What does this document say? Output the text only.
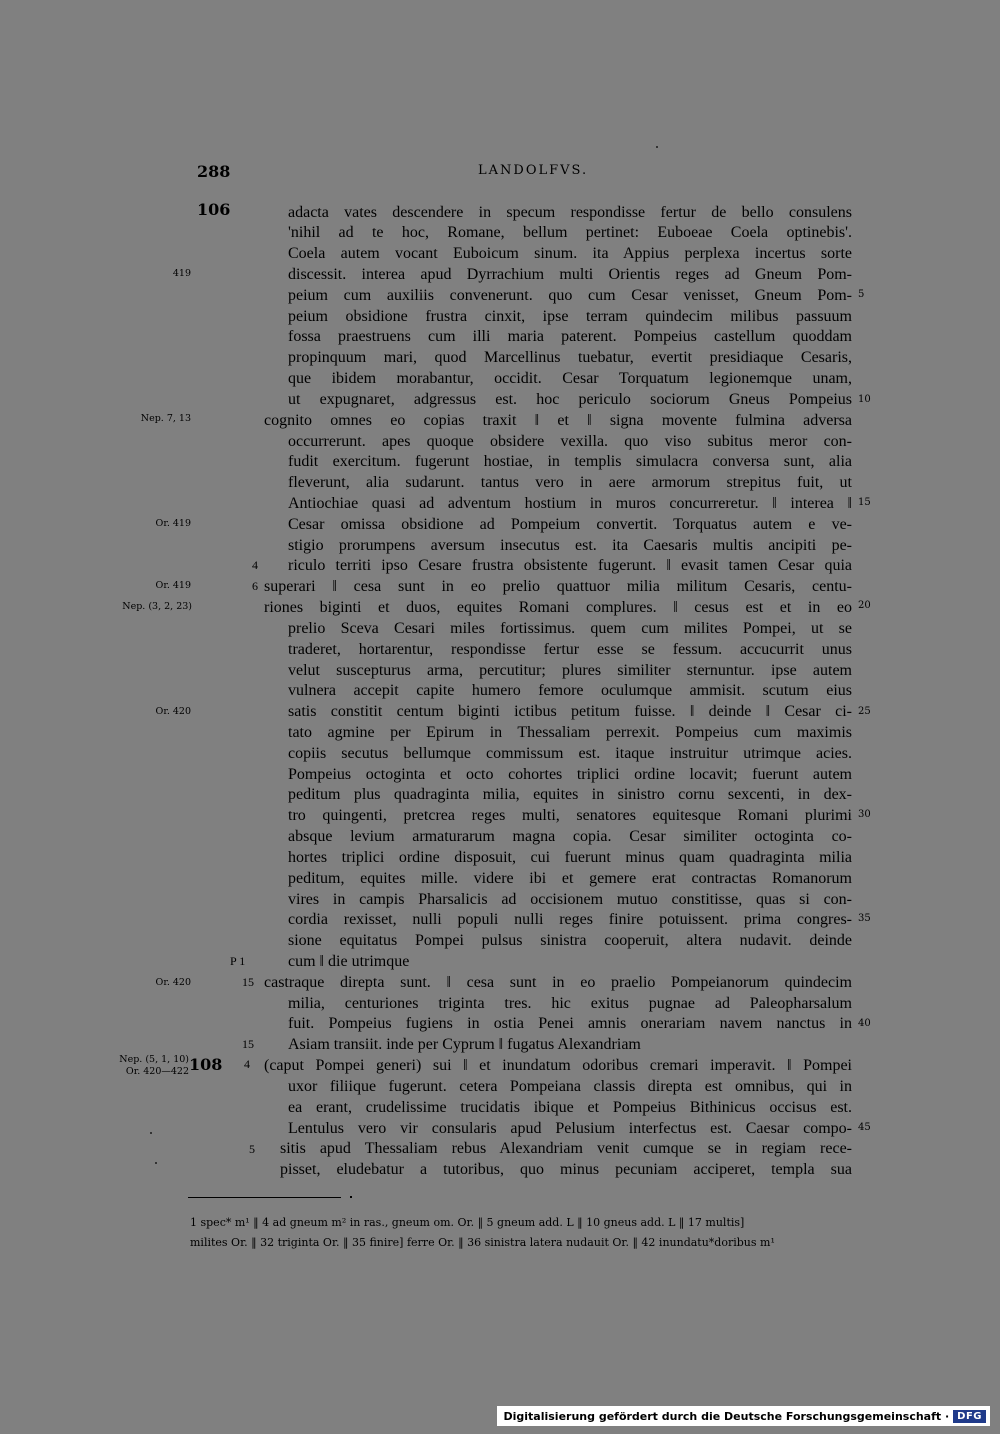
288	LANDOLFVS.
106
108
adacta vates descendere in specum respondisse fertur de bello consulens
'nihil ad te hoc, Romane, bellum pertinet: Euboeae Coela optinebis'.
Coela autem vocant Euboicum sinum. ita Appius perplexa incertus sorte
discessit. interea apud Dyrrachium multi Orientis reges ad Gneum Pom-
peium cum auxiliis convenerunt. quo cum Cesar venisset, Gneum Pom-
peium obsidione frustra cinxit, ipse terram quindecim milibus passuum
fossa praestruens cum illi maria paterent. Pompeius castellum quoddam
propinquum mari, quod Marcellinus tuebatur, evertit presidiaque Cesaris,
que ibidem morabantur, occidit. Cesar Torquatum legionemque unam,
ut expugnaret, adgressus est. hoc periculo sociorum Gneus Pompeius
cognito omnes eo copias traxit ‖ et ‖ signa movente fulmina adversa
occurrerunt. apes quoque obsidere vexilla. quo viso subitus meror con-
fudit exercitum. fugerunt hostiae, in templis simulacra conversa sunt, alia
fleverunt, alia sudarunt. tantus vero in aere armorum strepitus fuit, ut
Antiochiae quasi ad adventum hostium in muros concurreretur. ‖ interea ‖
Cesar omissa obsidione ad Pompeium convertit. Torquatus autem e ve-
stigio prorumpens aversum insecutus est. ita Caesaris multis ancipiti pe-
riculo territi ipso Cesare frustra obsistente fugerunt. ‖ evasit tamen Cesar quia
superari ‖ cesa sunt in eo prelio quattuor milia militum Cesaris, centu-
riones biginti et duos, equites Romani complures. ‖ cesus est et in eo
prelio Sceva Cesari miles fortissimus. quem cum milites Pompei, ut se
traderet, hortarentur, respondisse fertur esse se fessum. accucurrit unus
velut suscepturus arma, percutitur; plures similiter sternuntur. ipse autem
vulnera accepit capite humero femore oculumque ammisit. scutum eius
satis constitit centum biginti ictibus petitum fuisse. ‖ deinde ‖ Cesar ci-
tato agmine per Epirum in Thessaliam perrexit. Pompeius cum maximis
copiis secutus bellumque commissum est. itaque instruitur utrimque acies.
Pompeius octoginta et octo cohortes triplici ordine locavit; fuerunt autem
peditum plus quadraginta milia, equites in sinistro cornu sexcenti, in dex-
tro quingenti, pretcrea reges multi, senatores equitesque Romani plurimi
absque levium armaturarum magna copia. Cesar similiter octoginta co-
hortes triplici ordine disposuit, cui fuerunt minus quam quadraginta milia
peditum, equites mille. videre ibi et gemere erat contractas Romanorum
vires in campis Pharsalicis ad occisionem mutuo constitisse, quas si con-
cordia rexisset, nulli populi nulli reges finire potuissent. prima congres-
sione equitatus Pompei pulsus sinistra cooperuit, altera nudavit. deinde
cum ‖ die utrimque
castraque direpta sunt. ‖ cesa sunt in eo praelio Pompeianorum quindecim
milia, centuriones triginta tres. hic exitus pugnae ad Paleopharsalum
fuit. Pompeius fugiens in ostia Penei amnis onerariam navem nanctus in
Asiam transiit. inde per Cyprum ‖ fugatus Alexandriam
(caput Pompei generi) sui ‖ et inundatum odoribus cremari imperavit. ‖ Pompei
uxor filiique fugerunt. cetera Pompeiana classis direpta est omnibus, qui in
ea erant, crudelissime trucidatis ibique et Pompeius Bithinicus occisus est.
Lentulus vero vir consularis apud Pelusium interfectus est. Caesar compo-
sitis apud Thessaliam rebus Alexandriam venit cumque se in regiam rece-
pisset, eludebatur a tutoribus, quo minus pecuniam acciperet, templa sua
419
Nep. 7, 13
Or. 419
Or. 419
Nep. (3, 2, 23)
Or. 420
Or. 420
Nep. (5, 1, 10)
Or. 420—422
5
10
15
20
25
30
35
40
45
4
6
P 1
15
15
4
5
1 spec* m¹ ‖ 4 ad gneum m² in ras., gneum om. Or. ‖ 5 gneum add. L ‖ 10 gneus add. L ‖ 17 multis]
milites Or. ‖ 32 triginta Or. ‖ 35 finire] ferre Or. ‖ 36 sinistra latera nudauit Or. ‖ 42 inundatu*doribus m¹
Digitalisierung gefördert durch die Deutsche Forschungsgemeinschaft · DFG
